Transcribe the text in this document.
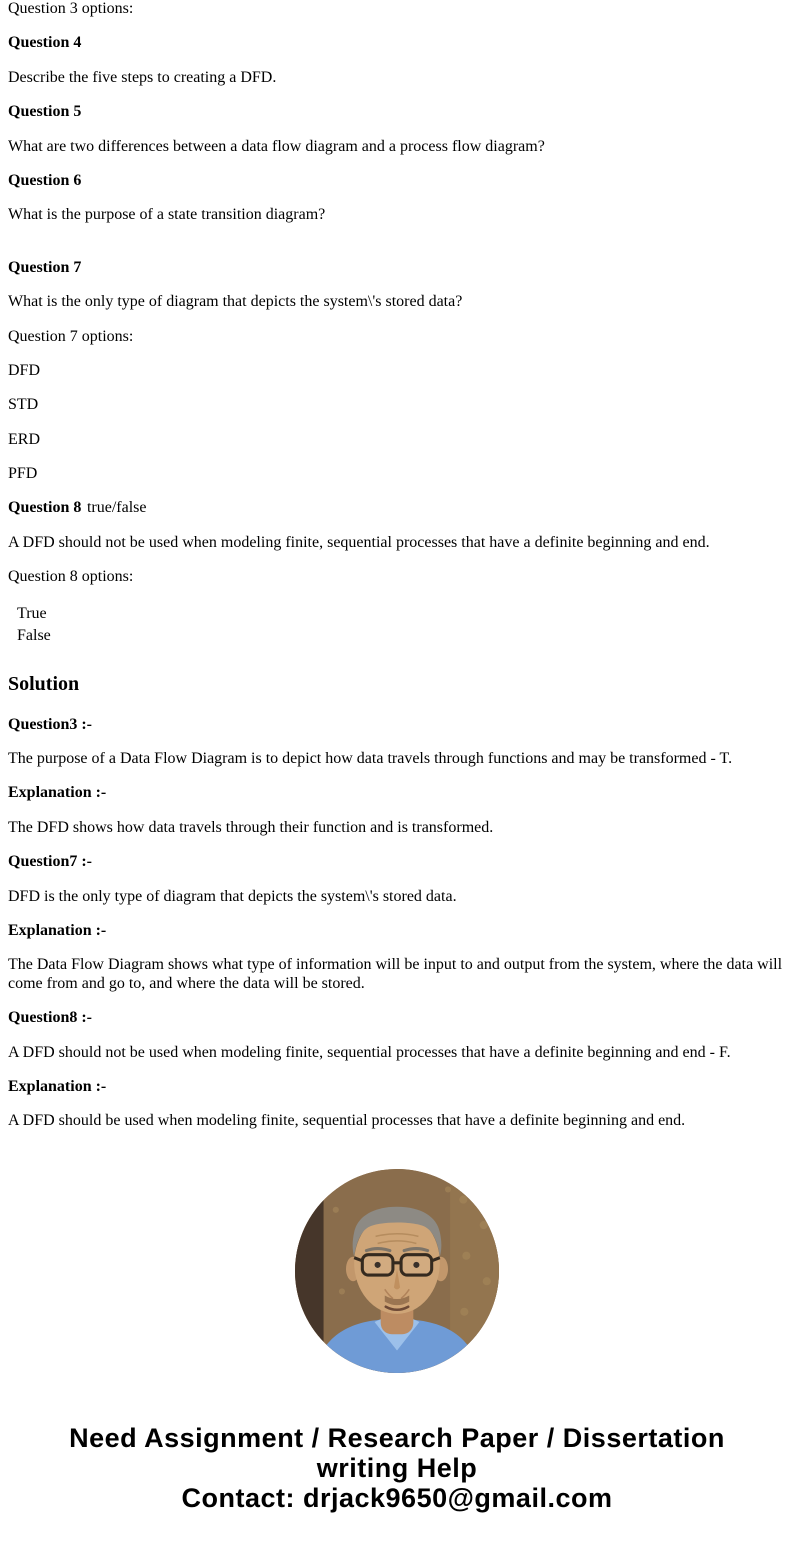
Question 3 options:

Question 4

Describe the five steps to creating a DFD.

Question 5

What are two differences between a data flow diagram and a process flow diagram?

Question 6

What is the purpose of a state transition diagram?

Question 7

What is the only type of diagram that depicts the system\'s stored data?

Question 7 options:

DFD

STD

ERD

PFD

Question 8 true/false

A DFD should not be used when modeling finite, sequential processes that have a definite beginning and end.

Question 8 options:

True
False
Solution

Question3 :-

The purpose of a Data Flow Diagram is to depict how data travels through functions and may be transformed - T.

Explanation :-

The DFD shows how data travels through their function and is transformed.

Question7 :-

DFD is the only type of diagram that depicts the system\'s stored data.

Explanation :-

The Data Flow Diagram shows what type of information will be input to and output from the system, where the data will come from and go to, and where the data will be stored.

Question8 :-

A DFD should not be used when modeling finite, sequential processes that have a definite beginning and end - F.

Explanation :-

A DFD should be used when modeling finite, sequential processes that have a definite beginning and end.

Need Assignment / Research Paper / Dissertation writing Help
Contact: drjack9650@gmail.com
